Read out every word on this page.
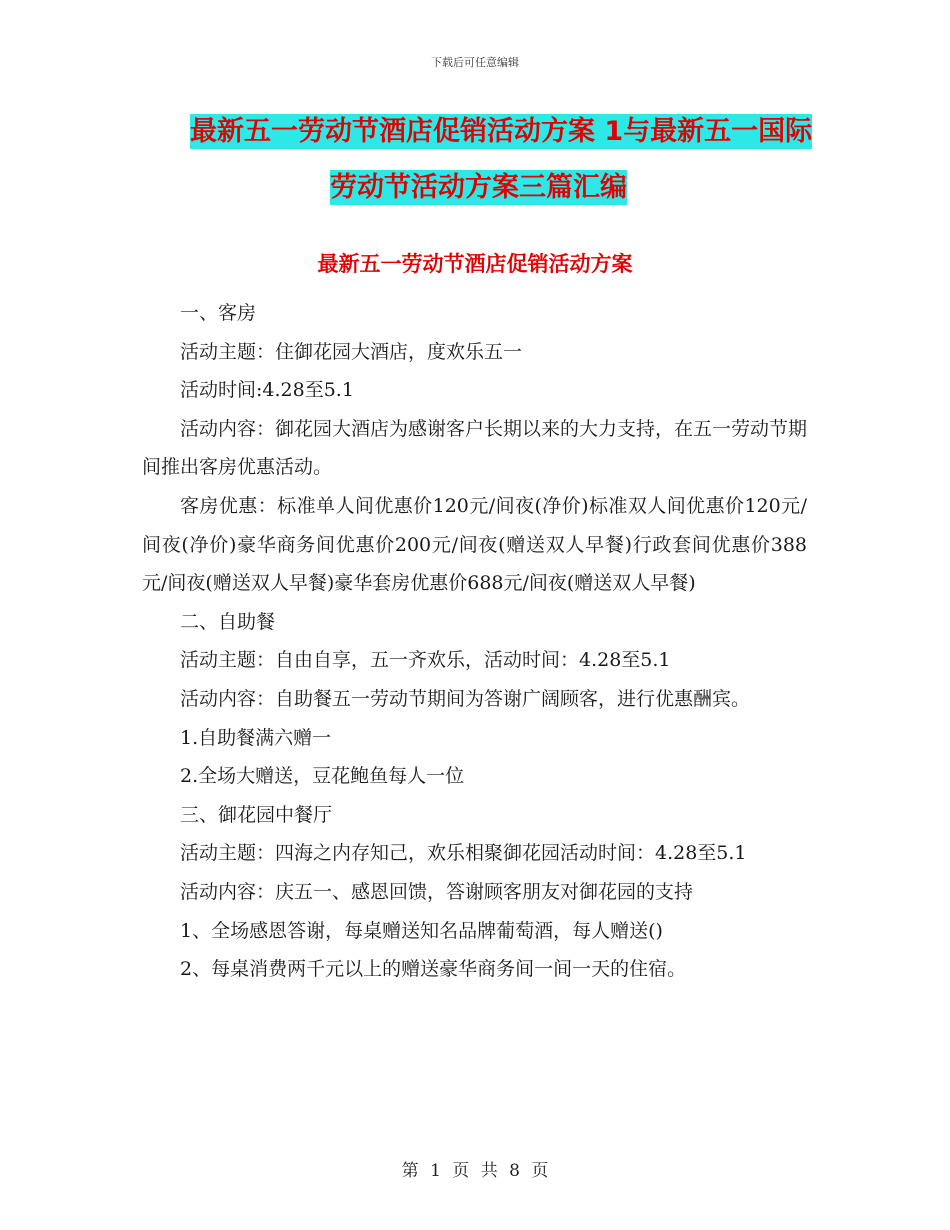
下载后可任意编辑
最新五一劳动节酒店促销活动方案 1与最新五一国际
劳动节活动方案三篇汇编
最新五一劳动节酒店促销活动方案

一、客房

活动主题：住御花园大酒店，度欢乐五一

活动时间:4.28至5.1

活动内容：御花园大酒店为感谢客户长期以来的大力支持，在五一劳动节期间推出客房优惠活动。

客房优惠：标准单人间优惠价120元/间夜(净价)标准双人间优惠价120元/间夜(净价)豪华商务间优惠价200元/间夜(赠送双人早餐)行政套间优惠价388元/间夜(赠送双人早餐)豪华套房优惠价688元/间夜(赠送双人早餐)

二、自助餐

活动主题：自由自享，五一齐欢乐，活动时间：4.28至5.1

活动内容：自助餐五一劳动节期间为答谢广阔顾客，进行优惠酬宾。

1.自助餐满六赠一

2.全场大赠送，豆花鲍鱼每人一位

三、御花园中餐厅

活动主题：四海之内存知己，欢乐相聚御花园活动时间：4.28至5.1

活动内容：庆五一、感恩回馈，答谢顾客朋友对御花园的支持

1、全场感恩答谢，每桌赠送知名品牌葡萄酒，每人赠送()

2、每桌消费两千元以上的赠送豪华商务间一间一天的住宿。

第 1 页 共 8 页
